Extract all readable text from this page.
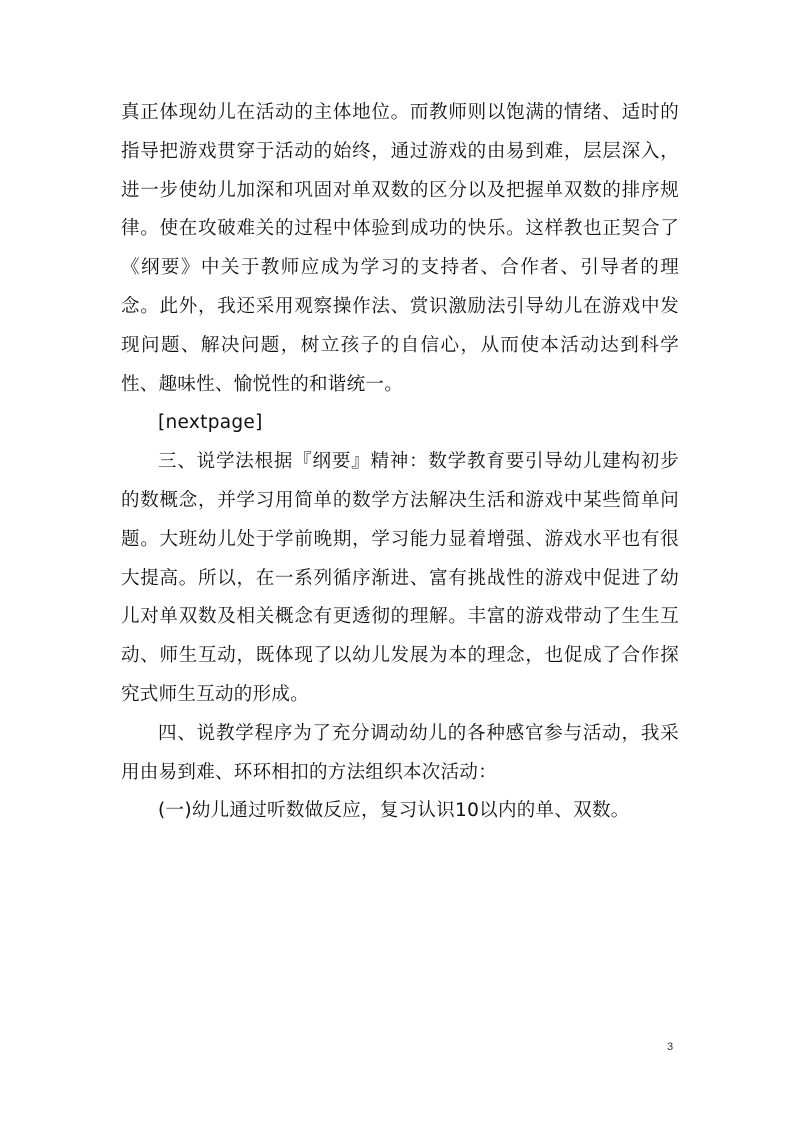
真正体现幼儿在活动的主体地位。而教师则以饱满的情绪、适时的指导把游戏贯穿于活动的始终，通过游戏的由易到难，层层深入，进一步使幼儿加深和巩固对单双数的区分以及把握单双数的排序规律。使在攻破难关的过程中体验到成功的快乐。这样教也正契合了《纲要》中关于教师应成为学习的支持者、合作者、引导者的理念。此外，我还采用观察操作法、赏识激励法引导幼儿在游戏中发现问题、解决问题，树立孩子的自信心，从而使本活动达到科学性、趣味性、愉悦性的和谐统一。

[nextpage]

三、说学法根据『纲要』精神：数学教育要引导幼儿建构初步的数概念，并学习用简单的数学方法解决生活和游戏中某些简单问题。大班幼儿处于学前晚期，学习能力显着增强、游戏水平也有很大提高。所以，在一系列循序渐进、富有挑战性的游戏中促进了幼儿对单双数及相关概念有更透彻的理解。丰富的游戏带动了生生互动、师生互动，既体现了以幼儿发展为本的理念，也促成了合作探究式师生互动的形成。

四、说教学程序为了充分调动幼儿的各种感官参与活动，我采用由易到难、环环相扣的方法组织本次活动：

(一)幼儿通过听数做反应，复习认识10以内的单、双数。

3
